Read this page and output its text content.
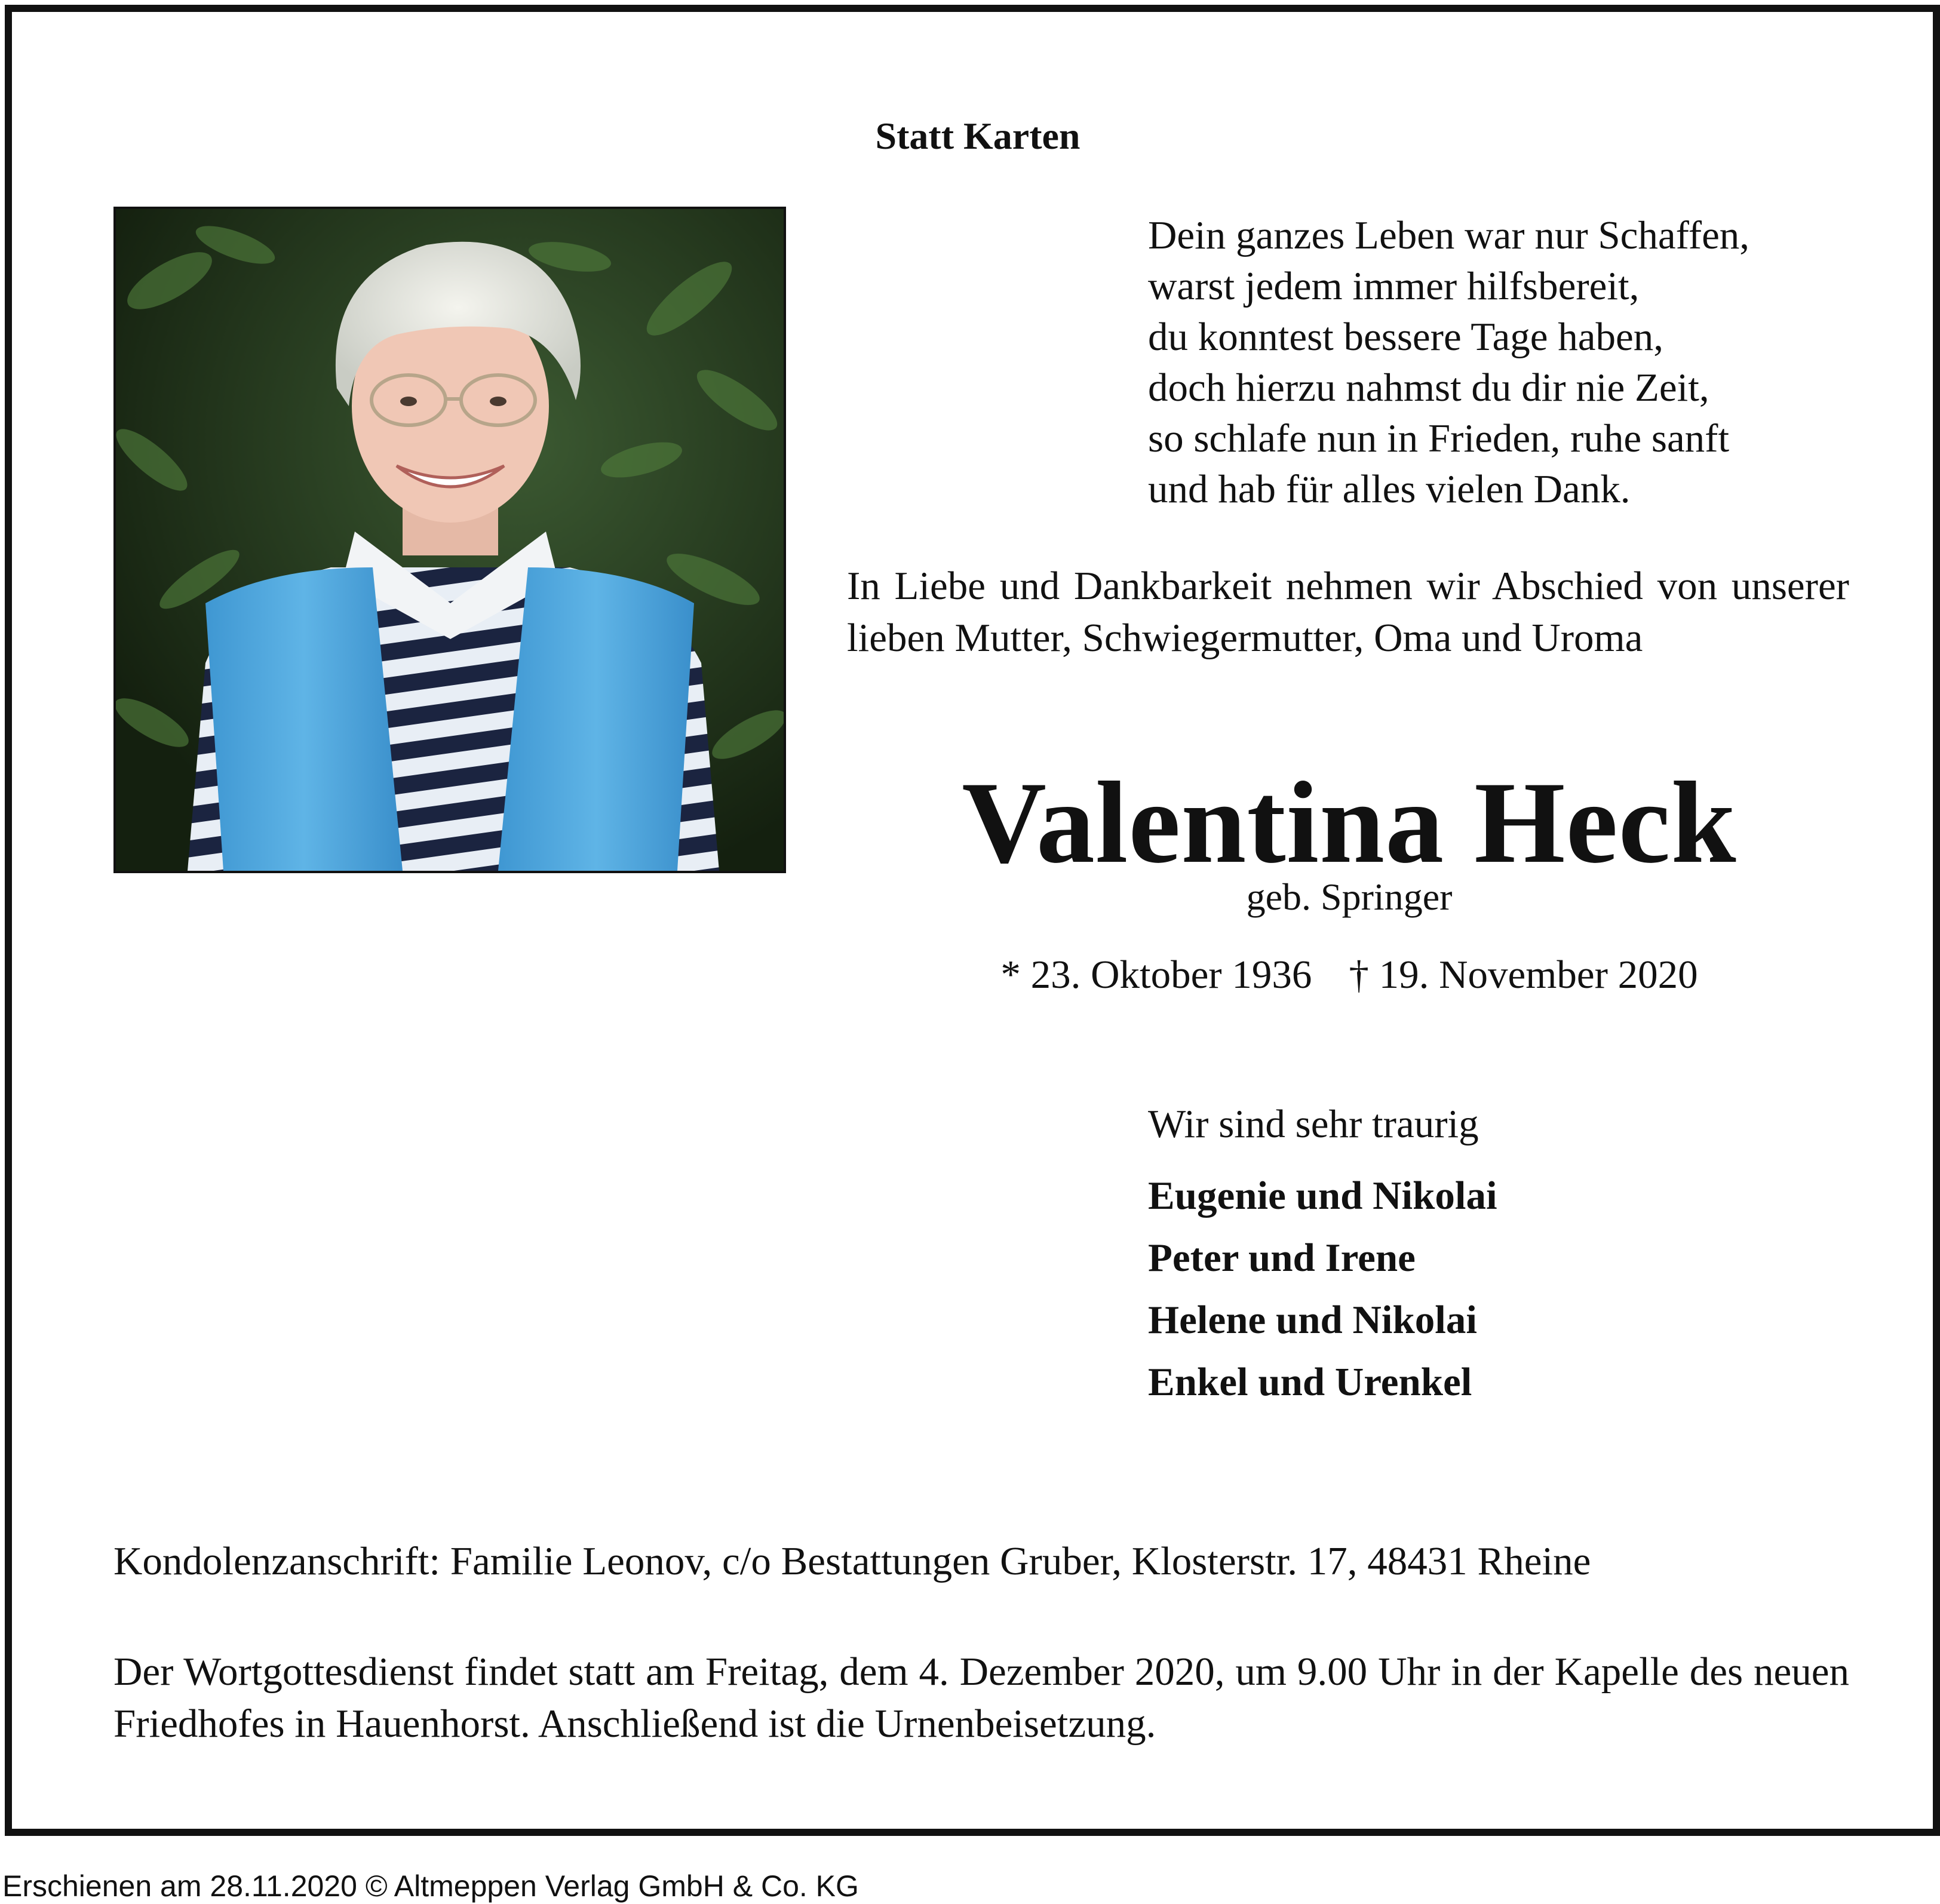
Statt Karten
Dein ganzes Leben war nur Schaffen,
warst jedem immer hilfsbereit,
du konntest bessere Tage haben,
doch hierzu nahmst du dir nie Zeit,
so schlafe nun in Frieden, ruhe sanft
und hab für alles vielen Dank.
In Liebe und Dankbarkeit nehmen wir Abschied von unserer lieben Mutter, Schwiegermutter, Oma und Uroma
Valentina Heck
geb. Springer
* 23. Oktober 1936 † 19. November 2020
Wir sind sehr traurig
Eugenie und Nikolai
Peter und Irene
Helene und Nikolai
Enkel und Urenkel
Kondolenzanschrift: Familie Leonov, c/o Bestattungen Gruber, Klosterstr. 17, 48431 Rheine
Der Wortgottesdienst findet statt am Freitag, dem 4. Dezember 2020, um 9.00 Uhr in der Kapelle des neuen Friedhofes in Hauenhorst. Anschließend ist die Urnenbeisetzung.
Erschienen am 28.11.2020 © Altmeppen Verlag GmbH & Co. KG
